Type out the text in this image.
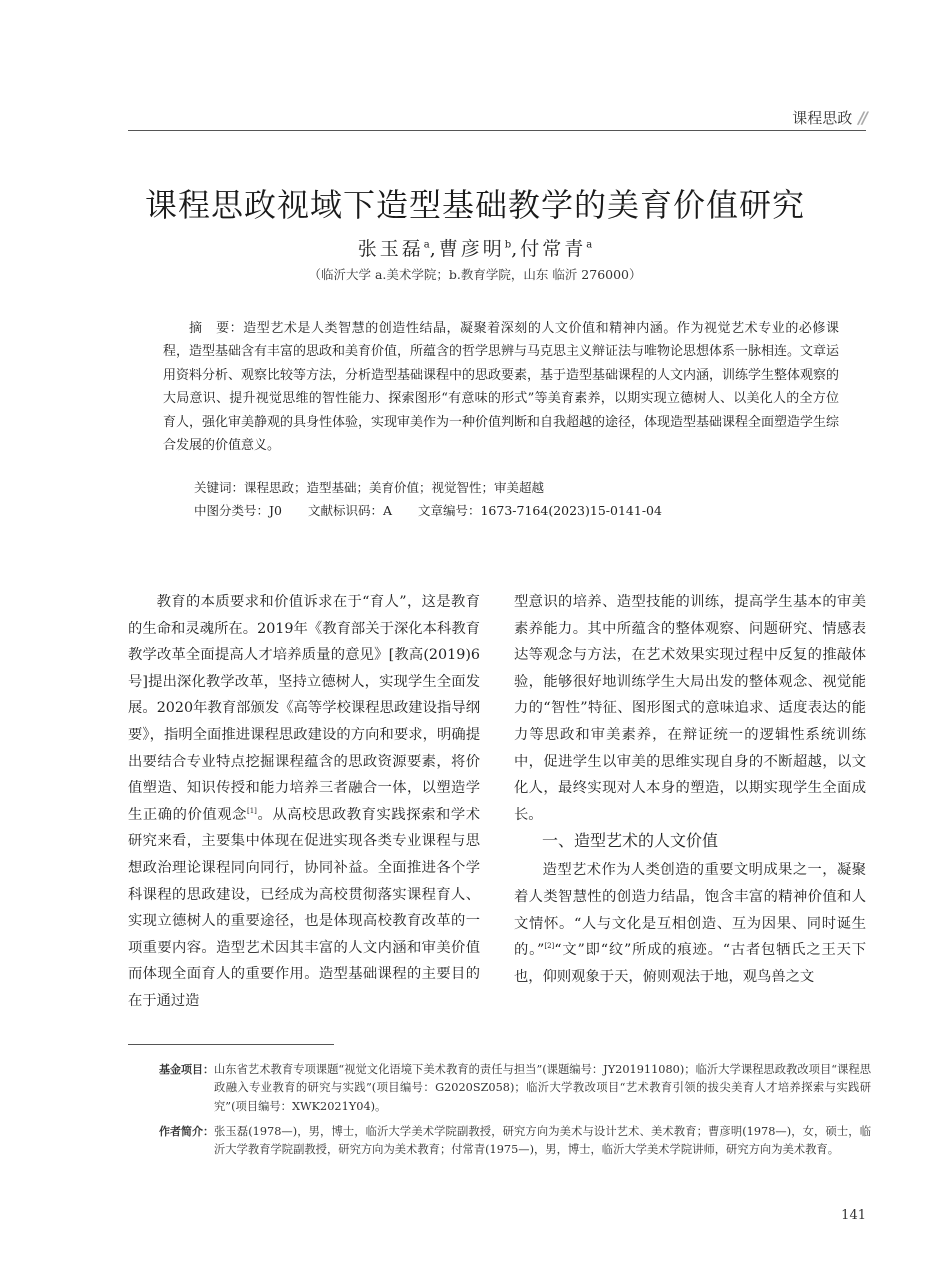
课程思政 //
课程思政视域下造型基础教学的美育价值研究
张玉磊$^a$,曹彦明$^b$,付常青$^a$
（临沂大学 a.美术学院；b.教育学院，山东 临沂 276000）
摘　要：造型艺术是人类智慧的创造性结晶，凝聚着深刻的人文价值和精神内涵。作为视觉艺术专业的必修课程，造型基础含有丰富的思政和美育价值，所蕴含的哲学思辨与马克思主义辩证法与唯物论思想体系一脉相连。文章运用资料分析、观察比较等方法，分析造型基础课程中的思政要素，基于造型基础课程的人文内涵，训练学生整体观察的大局意识、提升视觉思维的智性能力、探索图形“有意味的形式”等美育素养，以期实现立德树人、以美化人的全方位育人，强化审美静观的具身性体验，实现审美作为一种价值判断和自我超越的途径，体现造型基础课程全面塑造学生综合发展的价值意义。
关键词：课程思政；造型基础；美育价值；视觉智性；审美超越
中图分类号：J0 文献标识码：A 文章编号：1673-7164(2023)15-0141-04

教育的本质要求和价值诉求在于“育人”，这是教育的生命和灵魂所在。2019年《教育部关于深化本科教育教学改革全面提高人才培养质量的意见》[教高(2019)6号]提出深化教学改革，坚持立德树人，实现学生全面发展。2020年教育部颁发《高等学校课程思政建设指导纲要》，指明全面推进课程思政建设的方向和要求，明确提出要结合专业特点挖掘课程蕴含的思政资源要素，将价值塑造、知识传授和能力培养三者融合一体，以塑造学生正确的价值观念[1]。从高校思政教育实践探索和学术研究来看，主要集中体现在促进实现各类专业课程与思想政治理论课程同向同行，协同补益。全面推进各个学科课程的思政建设，已经成为高校贯彻落实课程育人、实现立德树人的重要途径，也是体现高校教育改革的一项重要内容。造型艺术因其丰富的人文内涵和审美价值而体现全面育人的重要作用。造型基础课程的主要目的在于通过造

型意识的培养、造型技能的训练，提高学生基本的审美素养能力。其中所蕴含的整体观察、问题研究、情感表达等观念与方法，在艺术效果实现过程中反复的推敲体验，能够很好地训练学生大局出发的整体观念、视觉能力的“智性”特征、图形图式的意味追求、适度表达的能力等思政和审美素养，在辩证统一的逻辑性系统训练中，促进学生以审美的思维实现自身的不断超越，以文化人，最终实现对人本身的塑造，以期实现学生全面成长。

一、造型艺术的人文价值

造型艺术作为人类创造的重要文明成果之一，凝聚着人类智慧性的创造力结晶，饱含丰富的精神价值和人文情怀。“人与文化是互相创造、互为因果、同时诞生的。”[2]“文”即“纹”所成的痕迹。“古者包牺氏之王天下也，仰则观象于天，俯则观法于地，观鸟兽之文

基金项目： 山东省艺术教育专项课题“视觉文化语境下美术教育的责任与担当”(课题编号：JY201911080)；临沂大学课程思政教改项目“课程思政融入专业教育的研究与实践”(项目编号：G2020SZ058)；临沂大学教改项目“艺术教育引领的拔尖美育人才培养探索与实践研究”(项目编号：XWK2021Y04)。
作者简介： 张玉磊(1978—)，男，博士，临沂大学美术学院副教授，研究方向为美术与设计艺术、美术教育；曹彦明(1978—)，女，硕士，临沂大学教育学院副教授，研究方向为美术教育；付常青(1975—)，男，博士，临沂大学美术学院讲师，研究方向为美术教育。
141
